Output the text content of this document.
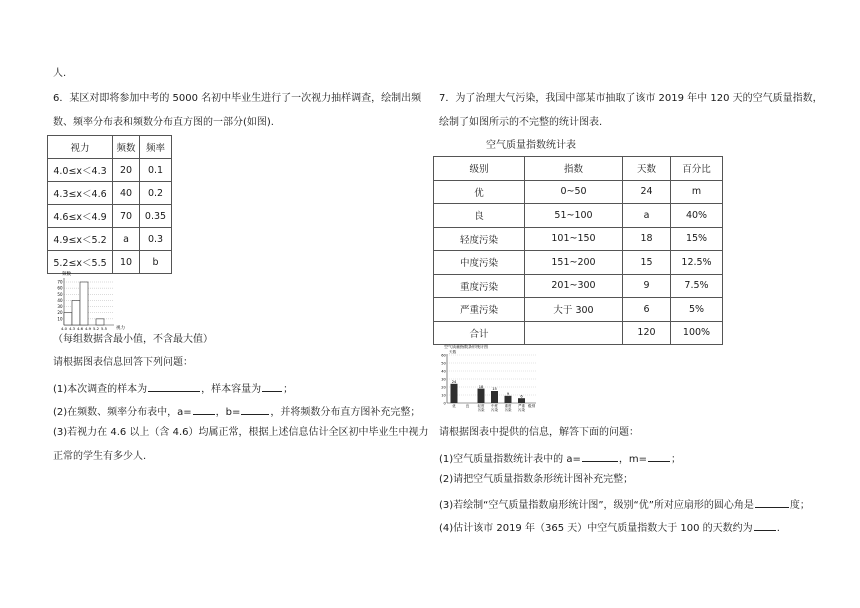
人.
6．某区对即将参加中考的 5000 名初中毕业生进行了一次视力抽样调查，绘制出频
数、频率分布表和频数分布直方图的一部分(如图).
视力	频数	频率
4.0≤x＜4.3	20	0.1
4.3≤x＜4.6	40	0.2
4.6≤x＜4.9	70	0.35
4.9≤x＜5.2	a	0.3
5.2≤x＜5.5	10	b
频数
70
60
50
40
30
20
10
4.0 4.3 4.6 4.9 5.2 5.5 视力
（每组数据含最小值，不含最大值）
请根据图表信息回答下列问题：
(1)本次调查的样本为	，样本容量为 ；
(2)在频数、频率分布表中，a= ，b=	，并将频数分布直方图补充完整；
(3)若视力在 4.6 以上（含 4.6）均属正常，根据上述信息估计全区初中毕业生中视力
正常的学生有多少人.
7．为了治理大气污染，我国中部某市抽取了该市 2019 年中 120 天的空气质量指数，
绘制了如图所示的不完整的统计图表.
空气质量指数统计表
级别	指数	天数	百分比
优	0~50	24	m
良	51~100	a	40%
轻度污染	101~150	18	15%
中度污染	151~200	15	12.5%
重度污染	201~300	9	7.5%
严重污染	大于 300	6	5%
合计		120	100%
空气质量指数条形统计图
天数
60
50
40
30
20
10
0
24
18
15
9
6
优	良 轻度
污染
中度
污染
重度
污染
严重
污染
级别
请根据图表中提供的信息，解答下面的问题：
(1)空气质量指数统计表中的 a=	，m= ；
(2)请把空气质量指数条形统计图补充完整；
(3)若绘制“空气质量指数扇形统计图”，级别“优”所对应扇形的圆心角是	度；
(4)估计该市 2019 年（365 天）中空气质量指数大于 100 的天数约为 .
